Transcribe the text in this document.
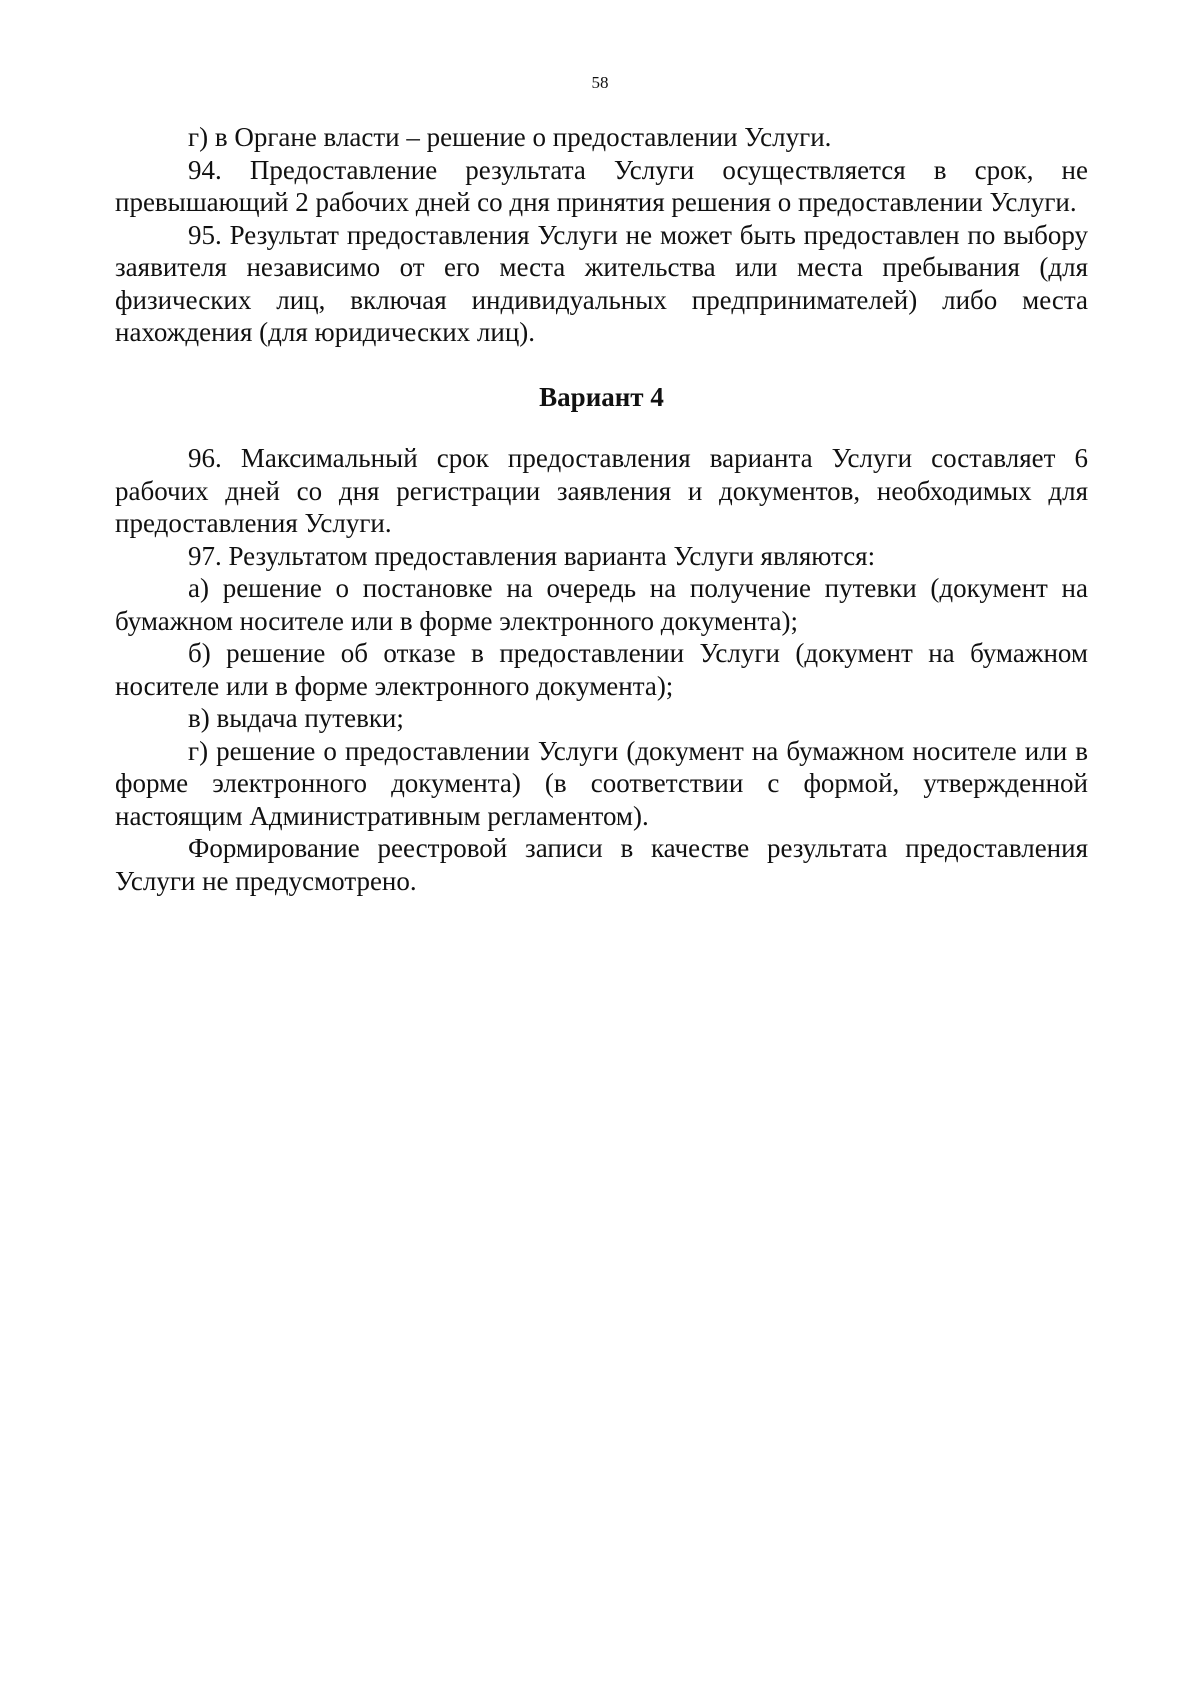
58

г) в Органе власти – решение о предоставлении Услуги.

94. Предоставление результата Услуги осуществляется в срок, не превышающий 2 рабочих дней со дня принятия решения о предоставлении Услуги.

95. Результат предоставления Услуги не может быть предоставлен по выбору заявителя независимо от его места жительства или места пребывания (для физических лиц, включая индивидуальных предпринимателей) либо места нахождения (для юридических лиц).

Вариант 4

96. Максимальный срок предоставления варианта Услуги составляет 6 рабочих дней со дня регистрации заявления и документов, необходимых для предоставления Услуги.

97. Результатом предоставления варианта Услуги являются:

а) решение о постановке на очередь на получение путевки (документ на бумажном носителе или в форме электронного документа);

б) решение об отказе в предоставлении Услуги (документ на бумажном носителе или в форме электронного документа);

в) выдача путевки;

г) решение о предоставлении Услуги (документ на бумажном носителе или в форме электронного документа) (в соответствии с формой, утвержденной настоящим Административным регламентом).

Формирование реестровой записи в качестве результата предоставления Услуги не предусмотрено.
